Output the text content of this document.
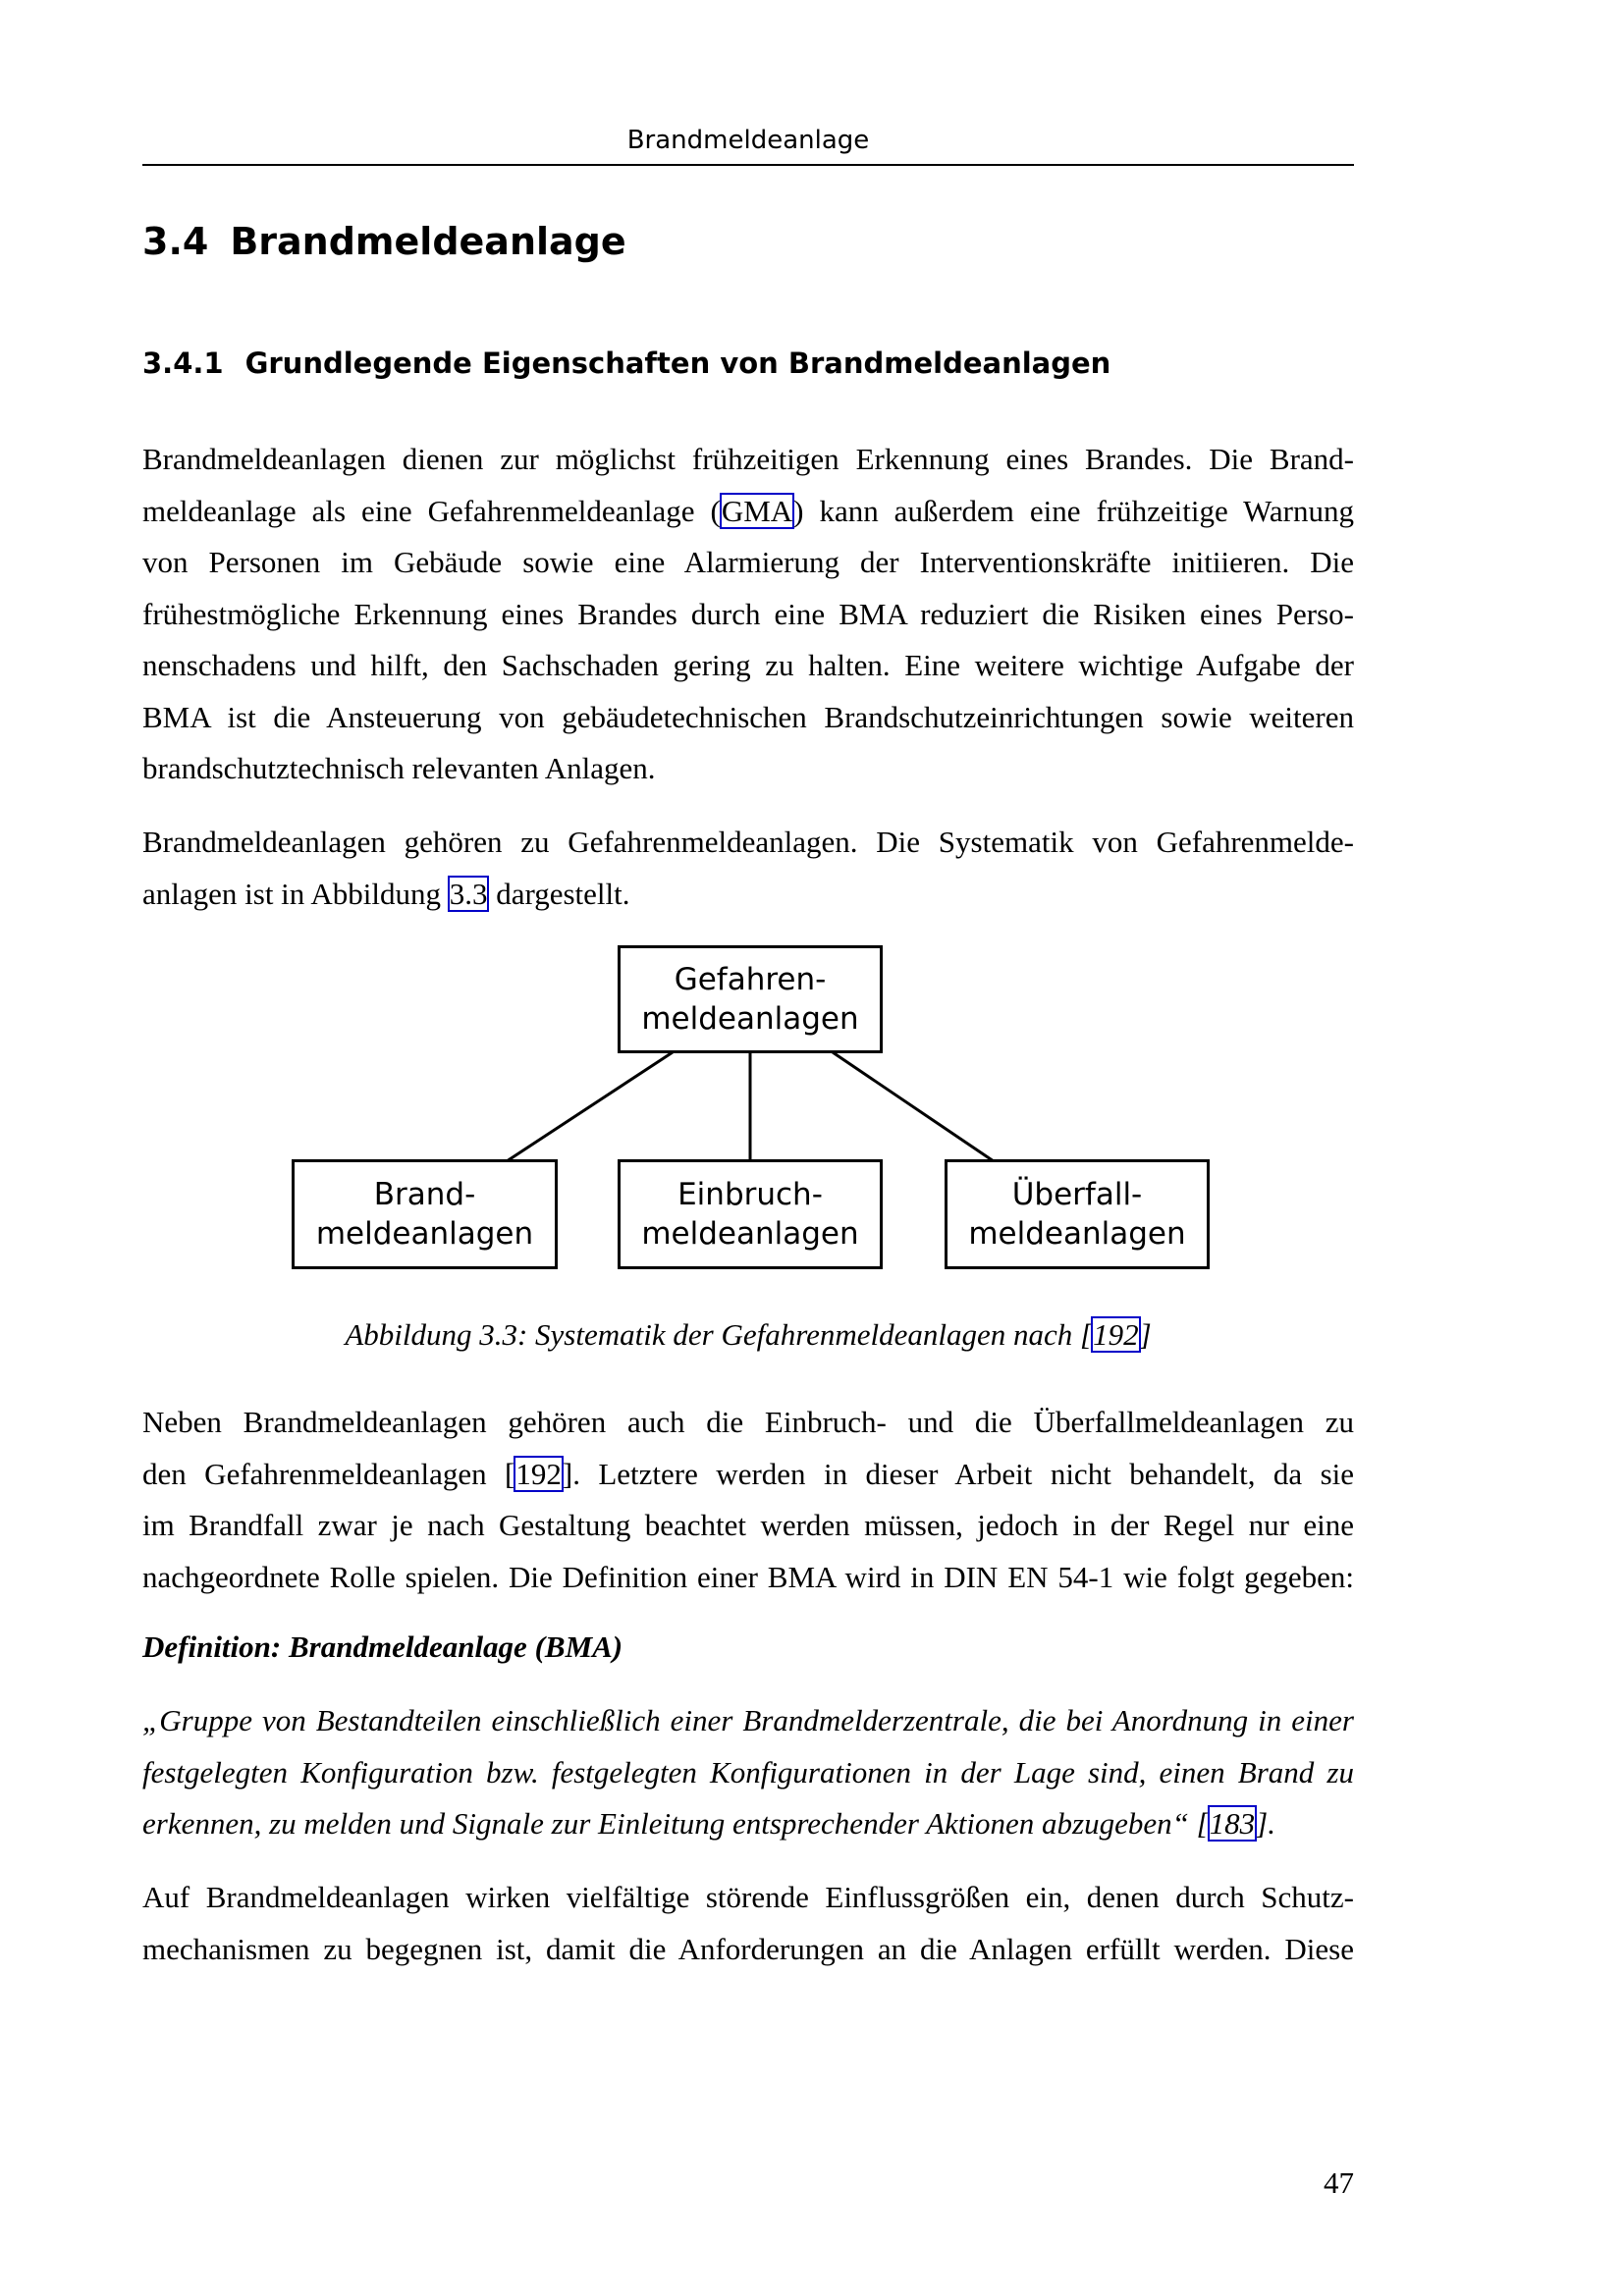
Brandmeldeanlage
3.4 Brandmeldeanlage
3.4.1 Grundlegende Eigenschaften von Brandmeldeanlagen
Brandmeldeanlagen dienen zur möglichst frühzeitigen Erkennung eines Brandes. Die Brand-
meldeanlage als eine Gefahrenmeldeanlage (GMA) kann außerdem eine frühzeitige Warnung
von Personen im Gebäude sowie eine Alarmierung der Interventionskräfte initiieren. Die
frühestmögliche Erkennung eines Brandes durch eine BMA reduziert die Risiken eines Perso-
nenschadens und hilft, den Sachschaden gering zu halten. Eine weitere wichtige Aufgabe der
BMA ist die Ansteuerung von gebäudetechnischen Brandschutzeinrichtungen sowie weiteren
brandschutztechnisch relevanten Anlagen.
Brandmeldeanlagen gehören zu Gefahrenmeldeanlagen. Die Systematik von Gefahrenmelde-
anlagen ist in Abbildung 3.3 dargestellt.
Gefahren-
meldeanlagen
Brand-
meldeanlagen
Einbruch-
meldeanlagen
Überfall-
meldeanlagen
Abbildung 3.3: Systematik der Gefahrenmeldeanlagen nach [192]
Neben Brandmeldeanlagen gehören auch die Einbruch- und die Überfallmeldeanlagen zu
den Gefahrenmeldeanlagen [192]. Letztere werden in dieser Arbeit nicht behandelt, da sie
im Brandfall zwar je nach Gestaltung beachtet werden müssen, jedoch in der Regel nur eine
nachgeordnete Rolle spielen. Die Definition einer BMA wird in DIN EN 54-1 wie folgt gegeben:
Definition: Brandmeldeanlage (BMA)
„Gruppe von Bestandteilen einschließlich einer Brandmelderzentrale, die bei Anordnung in einer
festgelegten Konfiguration bzw. festgelegten Konfigurationen in der Lage sind, einen Brand zu
erkennen, zu melden und Signale zur Einleitung entsprechender Aktionen abzugeben“ [183].
Auf Brandmeldeanlagen wirken vielfältige störende Einflussgrößen ein, denen durch Schutz-
mechanismen zu begegnen ist, damit die Anforderungen an die Anlagen erfüllt werden. Diese
47
